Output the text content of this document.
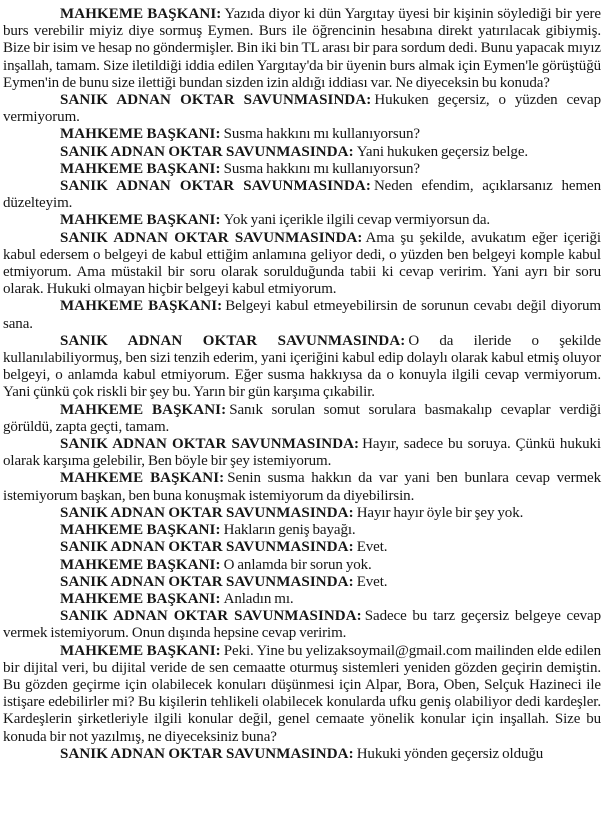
MAHKEME BAŞKANI: Yazıda diyor ki dün Yargıtay üyesi bir kişinin söylediği bir yere burs verebilir miyiz diye sormuş Eymen. Burs ile öğrencinin hesabına direkt yatırılacak gibiymiş. Bize bir isim ve hesap no göndermişler. Bin iki bin TL arası bir para sordum dedi. Bunu yapacak mıyız inşallah, tamam. Size iletildiği iddia edilen Yargıtay'da bir üyenin burs almak için Eymen'le görüştüğü Eymen'in de bunu size ilettiği bundan sizden izin aldığı iddiası var. Ne diyeceksin bu konuda?

SANIK ADNAN OKTAR SAVUNMASINDA: Hukuken geçersiz, o yüzden cevap vermiyorum.

MAHKEME BAŞKANI: Susma hakkını mı kullanıyorsun?

SANIK ADNAN OKTAR SAVUNMASINDA: Yani hukuken geçersiz belge.

MAHKEME BAŞKANI: Susma hakkını mı kullanıyorsun?

SANIK ADNAN OKTAR SAVUNMASINDA: Neden efendim, açıklarsanız hemen düzelteyim.

MAHKEME BAŞKANI: Yok yani içerikle ilgili cevap vermiyorsun da.

SANIK ADNAN OKTAR SAVUNMASINDA: Ama şu şekilde, avukatım eğer içeriği kabul edersem o belgeyi de kabul ettiğim anlamına geliyor dedi, o yüzden ben belgeyi komple kabul etmiyorum. Ama müstakil bir soru olarak sorulduğunda tabii ki cevap veririm. Yani ayrı bir soru olarak. Hukuki olmayan hiçbir belgeyi kabul etmiyorum.

MAHKEME BAŞKANI: Belgeyi kabul etmeyebilirsin de sorunun cevabı değil diyorum sana.

SANIK ADNAN OKTAR SAVUNMASINDA: O da ileride o şekilde kullanılabiliyormuş, ben sizi tenzih ederim, yani içeriğini kabul edip dolaylı olarak kabul etmiş oluyor belgeyi, o anlamda kabul etmiyorum. Eğer susma hakkıysa da o konuyla ilgili cevap vermiyorum. Yani çünkü çok riskli bir şey bu. Yarın bir gün karşıma çıkabilir.

MAHKEME BAŞKANI: Sanık sorulan somut sorulara basmakalıp cevaplar verdiği görüldü, zapta geçti, tamam.

SANIK ADNAN OKTAR SAVUNMASINDA: Hayır, sadece bu soruya. Çünkü hukuki olarak karşıma gelebilir, Ben böyle bir şey istemiyorum.

MAHKEME BAŞKANI: Senin susma hakkın da var yani ben bunlara cevap vermek istemiyorum başkan, ben buna konuşmak istemiyorum da diyebilirsin.

SANIK ADNAN OKTAR SAVUNMASINDA: Hayır hayır öyle bir şey yok.

MAHKEME BAŞKANI: Hakların geniş bayağı.

SANIK ADNAN OKTAR SAVUNMASINDA: Evet.

MAHKEME BAŞKANI: O anlamda bir sorun yok.

SANIK ADNAN OKTAR SAVUNMASINDA: Evet.

MAHKEME BAŞKANI: Anladın mı.

SANIK ADNAN OKTAR SAVUNMASINDA: Sadece bu tarz geçersiz belgeye cevap vermek istemiyorum. Onun dışında hepsine cevap veririm.

MAHKEME BAŞKANI: Peki. Yine bu yelizaksoymail@gmail.com mailinden elde edilen bir dijital veri, bu dijital veride de sen cemaatte oturmuş sistemleri yeniden gözden geçirin demiştin. Bu gözden geçirme için olabilecek konuları düşünmesi için Alpar, Bora, Oben, Selçuk Hazineci ile istişare edebilirler mi? Bu kişilerin tehlikeli olabilecek konularda ufku geniş olabiliyor dedi kardeşler. Kardeşlerin şirketleriyle ilgili konular değil, genel cemaate yönelik konular için inşallah. Size bu konuda bir not yazılmış, ne diyeceksiniz buna?

SANIK ADNAN OKTAR SAVUNMASINDA: Hukuki yönden geçersiz olduğu
